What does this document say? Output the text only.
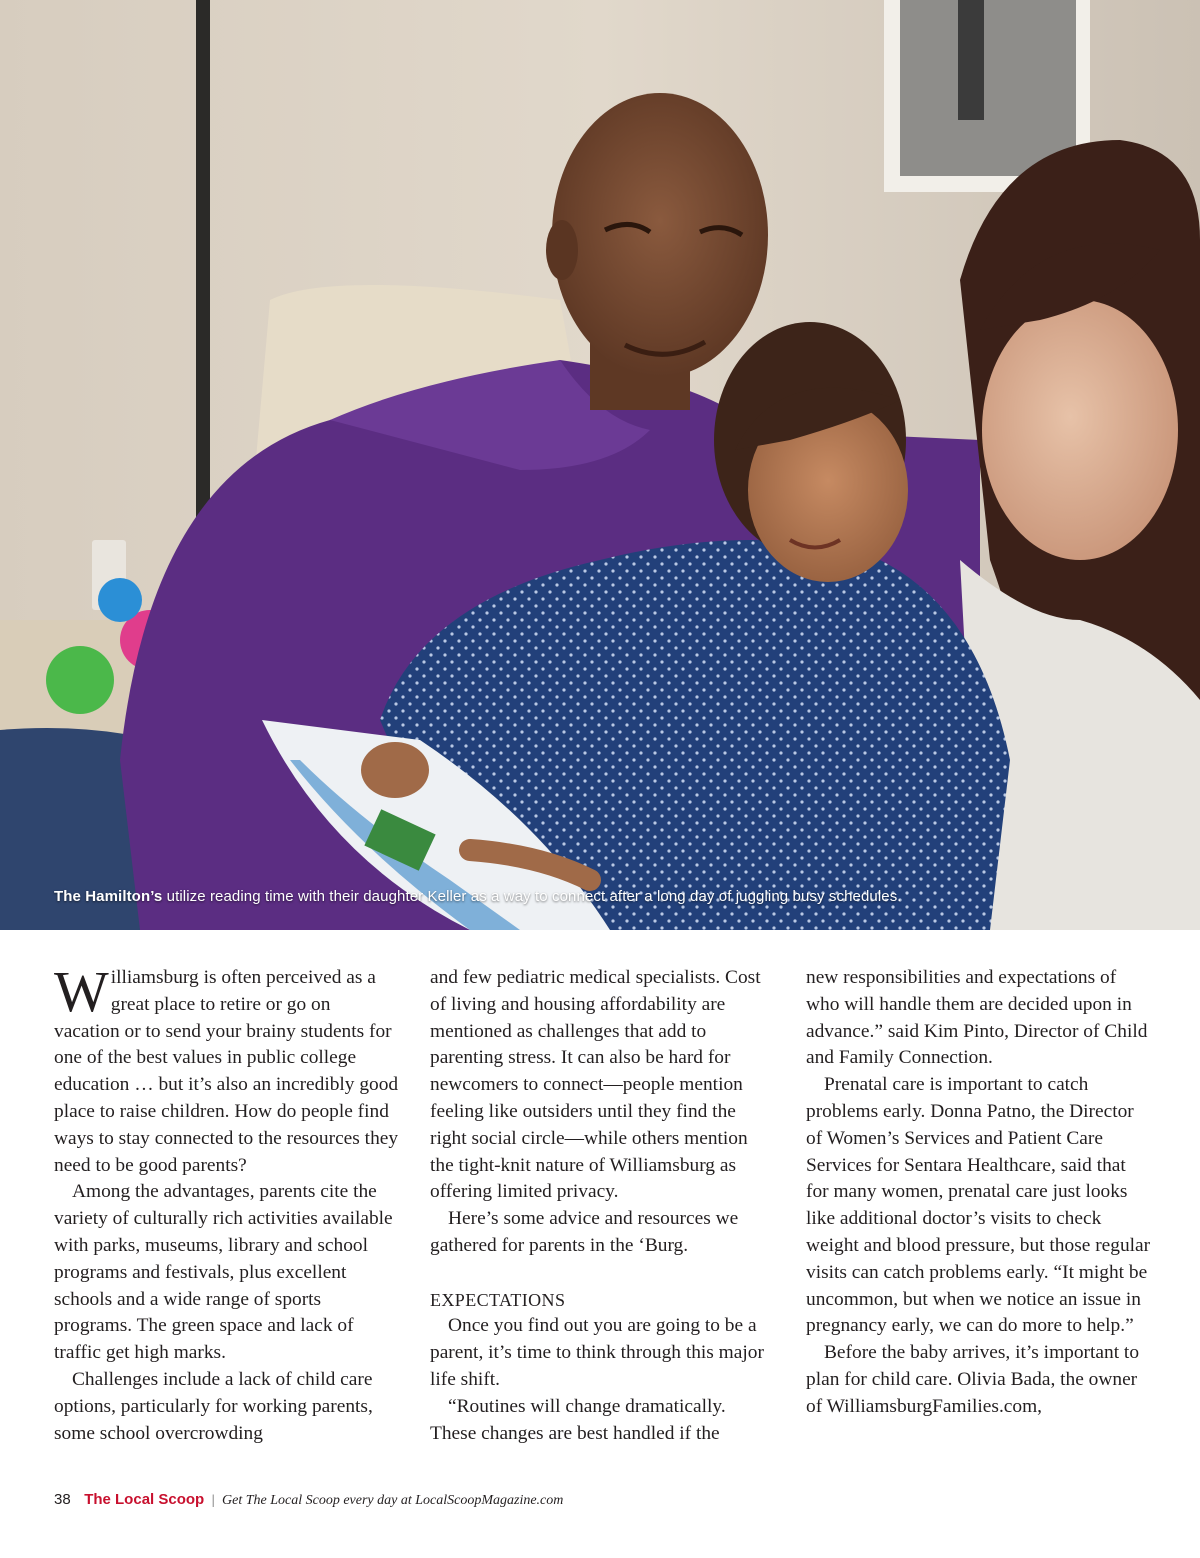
The Hamilton’s utilize reading time with their daughter Keller as a way to connect after a long day of juggling busy schedules.

Williamsburg is often perceived as a great place to retire or go on vacation or to send your brainy students for one of the best values in public college education … but it’s also an incredibly good place to raise children. How do people find ways to stay connected to the resources they need to be good parents?

Among the advantages, parents cite the variety of culturally rich activities available with parks, museums, library and school programs and festivals, plus excellent schools and a wide range of sports programs. The green space and lack of traffic get high marks.

Challenges include a lack of child care options, particularly for working parents, some school overcrowding

and few pediatric medical specialists. Cost of living and housing affordability are mentioned as challenges that add to parenting stress. It can also be hard for newcomers to connect—people mention feeling like outsiders until they find the right social circle—while others mention the tight-knit nature of Williamsburg as offering limited privacy.

Here’s some advice and resources we gathered for parents in the ‘Burg.

EXPECTATIONS

Once you find out you are going to be a parent, it’s time to think through this major life shift.

“Routines will change dramatically. These changes are best handled if the

new responsibilities and expectations of who will handle them are decided upon in advance.” said Kim Pinto, Director of Child and Family Connection.

Prenatal care is important to catch problems early. Donna Patno, the Director of Women’s Services and Patient Care Services for Sentara Healthcare, said that for many women, prenatal care just looks like additional doctor’s visits to check weight and blood pressure, but those regular visits can catch problems early. “It might be uncommon, but when we notice an issue in pregnancy early, we can do more to help.”

Before the baby arrives, it’s important to plan for child care. Olivia Bada, the owner of WilliamsburgFamilies.com,

38 The Local Scoop | Get The Local Scoop every day at LocalScoopMagazine.com
